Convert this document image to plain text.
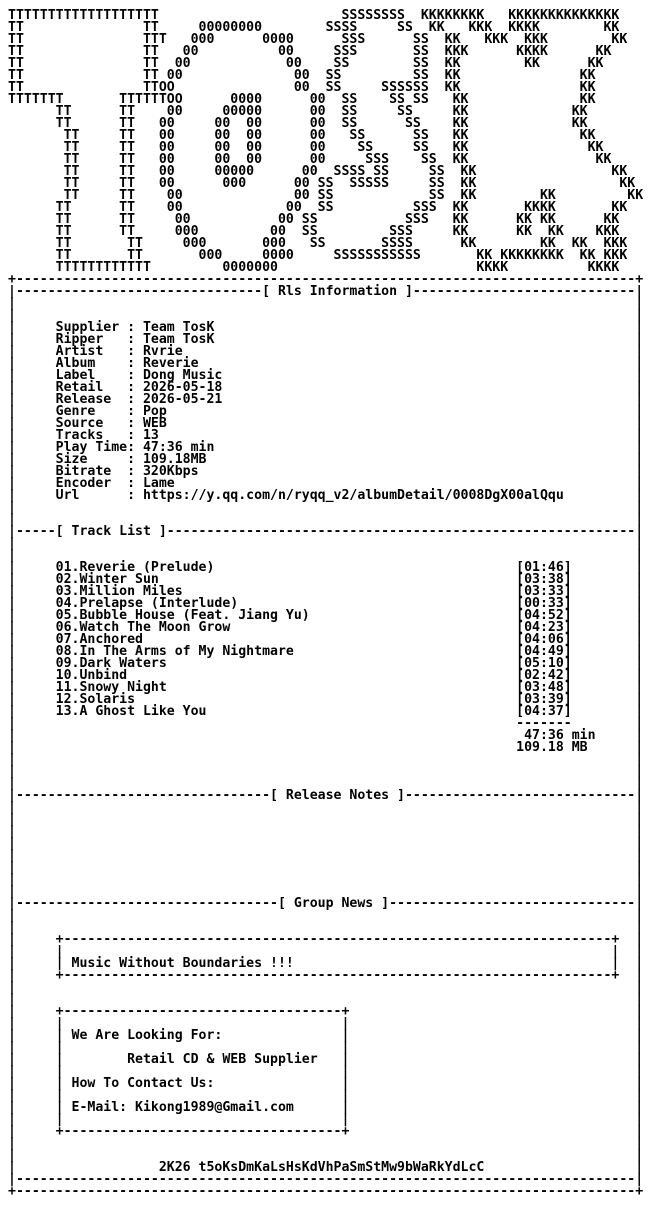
TTTTTTTTTTTTTTTTTTT                       SSSSSSSS  KKKKKKKK   KKKKKKKKKKKKKK
TT               TT     00000000        SSSS     SS  KK   KKK  KKKK        KK
TT               TTT   000      0000      SSS      SS  KK   KKK  KKK        KK
TT               TT   00          00     SSS       SS  KKK      KKKK      KK
TT               TT  00            00    SS        SS  KK        KK      KK
TT               TT 00              00  SS         SS  KK               KK
TT               TTOO               00  SS     SSSSSS  KK               KK
TTTTTTT       TTTTTTOO      0000      00  SS    SS SS   KK              KK
TT      TT    00     00000      00  SS     SS     KK             KK
TT      TT   00     00  00      00  SS      SS    KK             KK
TT     TT   00     00  00      00   SS      SS   KK              KK
TT     TT   00     00  00      00    SS     SS   KK               KK
TT     TT   00     00  00      00     SSS    SS  KK                KK
TT     TT   00     00000      00  SSSS SS     SS  KK                 KK
TT     TT   00      000      00 SS  SSSSS     SS  KK                  KK
TT     TT    00              00 SS            SS  KK        KK         KK
TT      TT    00             00  SS          SSS  KK       KKKK       KK
TT      TT     00           00 SS           SSS   KK      KK KK      KK
TT      TT     000         00  SS         SSS     KK      KK  KK    KKK
TT       TT     000       000   SS       SSSS      KK        KK  KK  KKK
TT       TT       000     0000     SSSSSSSSSSS       KK KKKKKKKK  KK KKK
TTTTTTTTTTTT         0000000                         KKKK          KKKK
+------------------------------------------------------------------------------+
|-------------------------------[ Rls Information ]----------------------------|
|                                                                              |
|                                                                              |
|     Supplier : Team TosK                                                     |
|     Ripper   : Team TosK                                                     |
|     Artist   : Rvrie                                                         |
|     Album    : Reverie                                                       |
|     Label    : Dong Music                                                    |
|     Retail   : 2026-05-18                                                    |
|     Release  : 2026-05-21                                                    |
|     Genre    : Pop                                                           |
|     Source   : WEB                                                           |
|     Tracks   : 13                                                            |
|     Play Time: 47:36 min                                                     |
|     Size     : 109.18MB                                                      |
|     Bitrate  : 320Kbps                                                       |
|     Encoder  : Lame                                                          |
|     Url      : https://y.qq.com/n/ryqq_v2/albumDetail/0008DgX00alQqu         |
|                                                                              |
|                                                                              |
|-----[ Track List ]-----------------------------------------------------------|
|                                                                              |
|                                                                              |
|     01.Reverie (Prelude)                                      [01:46]        |
|     02.Winter Sun                                             [03:38]        |
|     03.Million Miles                                          [03:33]        |
|     04.Prelapse (Interlude)                                   [00:33]        |
|     05.Bubble House (Feat. Jiang Yu)                          [04:52]        |
|     06.Watch The Moon Grow                                    [04:23]        |
|     07.Anchored                                               [04:06]        |
|     08.In The Arms of My Nightmare                            [04:49]        |
|     09.Dark Waters                                            [05:10]        |
|     10.Unbind                                                 [02:42]        |
|     11.Snowy Night                                            [03:48]        |
|     12.Solaris                                                [03:39]        |
|     13.A Ghost Like You                                       [04:37]        |
|                                                               -------        |
|                                                                47:36 min     |
|                                                               109.18 MB      |
|                                                                              |
|                                                                              |
|                                                                              |
|--------------------------------[ Release Notes ]-----------------------------|
|                                                                              |
|                                                                              |
|                                                                              |
|                                                                              |
|                                                                              |
|                                                                              |
|                                                                              |
|                                                                              |
|---------------------------------[ Group News ]-------------------------------|
|                                                                              |
|                                                                              |
|     +---------------------------------------------------------------------+  |
|     |                                                                     |  |
|     | Music Without Boundaries !!!                                        |  |
|     +---------------------------------------------------------------------+  |
|                                                                              |
|                                                                              |
|     +-----------------------------------+                                    |
|     |                                   |                                    |
|     | We Are Looking For:               |                                    |
|     |                                   |                                    |
|     |        Retail CD & WEB Supplier   |                                    |
|     |                                   |                                    |
|     | How To Contact Us:                |                                    |
|     |                                   |                                    |
|     | E-Mail: Kikong1989@Gmail.com      |                                    |
|     |                                   |                                    |
|     +-----------------------------------+                                    |
|                                                                              |
|                                                                              |
|                  2K26 t5oKsDmKaLsHsKdVhPaSmStMw9bWaRkYdLcC                   |
|------------------------------------------------------------------------------|
+------------------------------------------------------------------------------+
